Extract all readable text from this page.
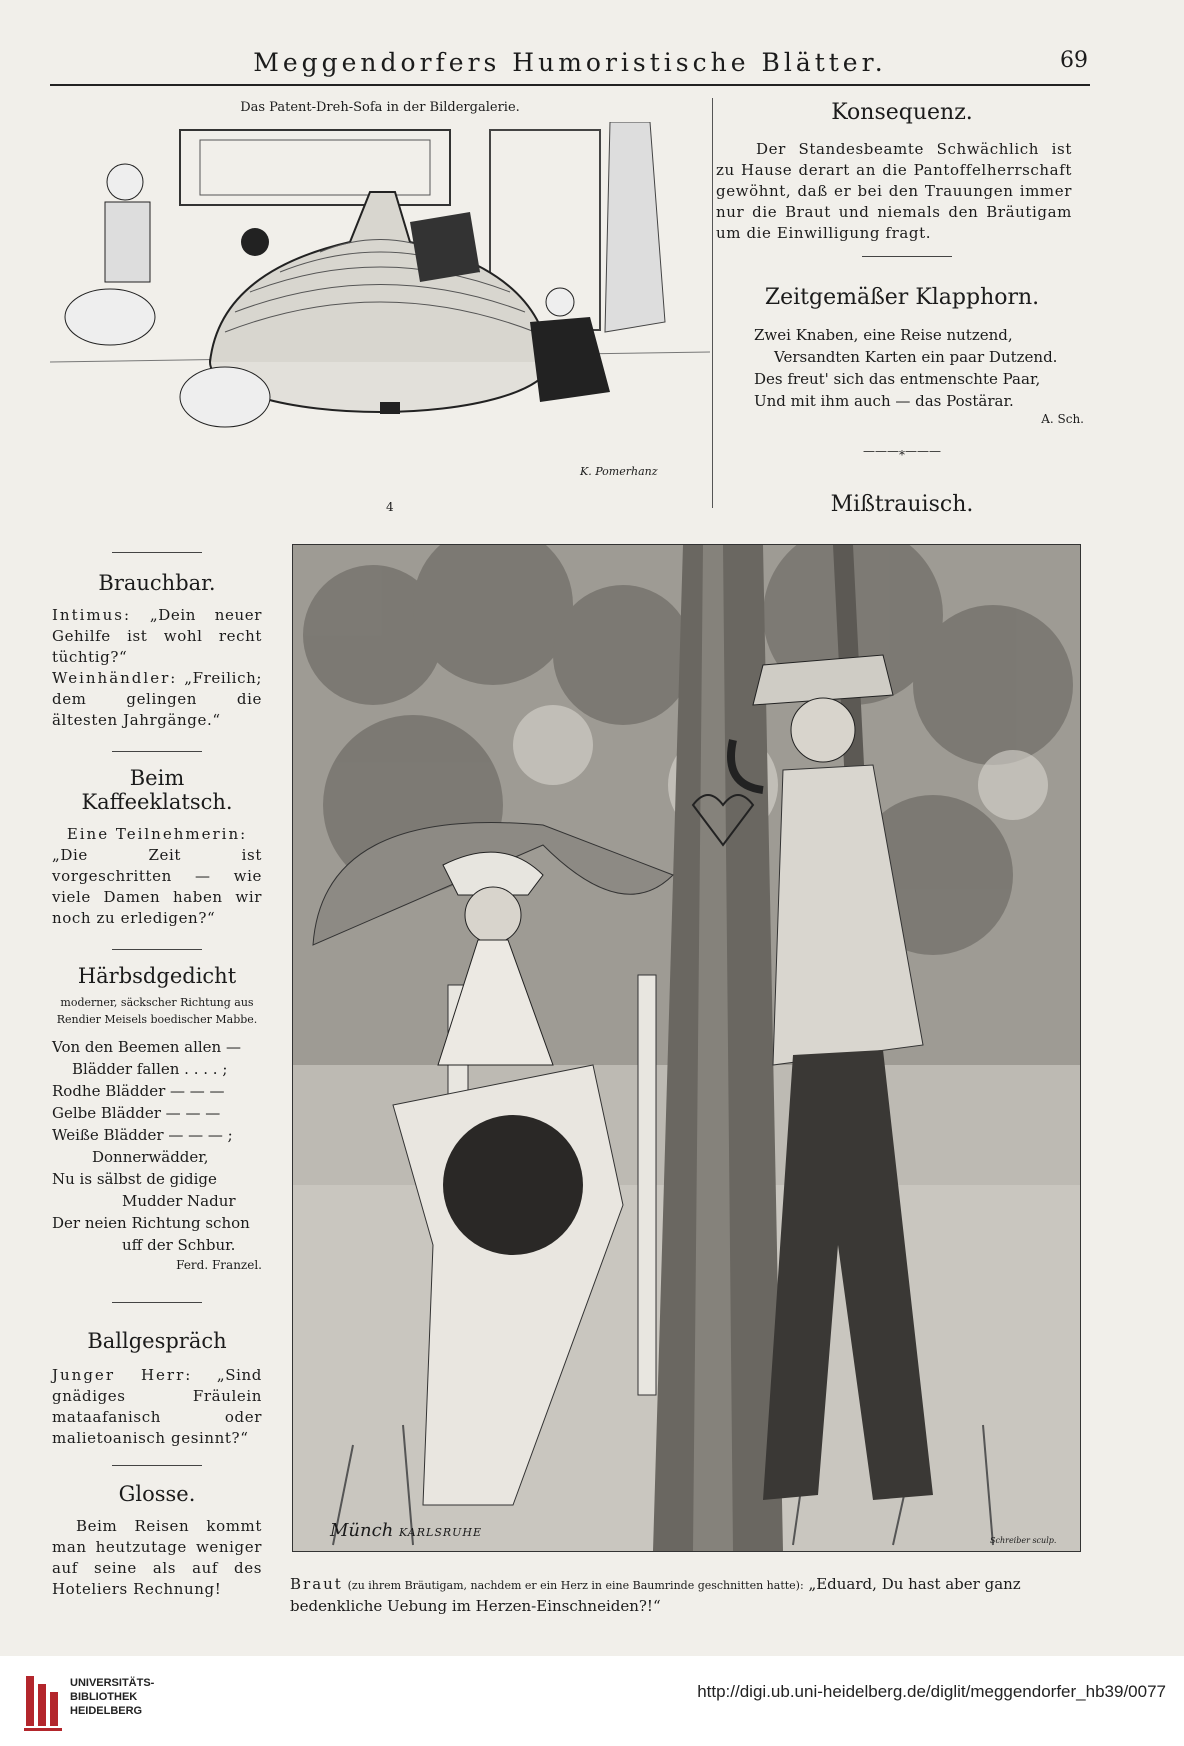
Meggendorfers Humoristische Blätter.	69
Das Patent-Dreh-Sofa in der Bildergalerie.
K. Pomerhanz
4
Konsequenz.
Der Standesbeamte Schwächlich ist zu Hause derart an die Pantoffelherrschaft gewöhnt, daß er bei den Trauungen immer nur die Braut und niemals den Bräutigam um die Einwilligung fragt.
Zeitgemäßer Klapphorn.
Zwei Knaben, eine Reise nutzend,
Versandten Karten ein paar Dutzend.
Des freut' sich das entmenschte Paar,
Und mit ihm auch — das Postärar.
A. Sch.
———⁎———
Mißtrauisch.
Brauchbar.
Intimus: „Dein neuer Gehilfe ist wohl recht tüchtig?“
Weinhändler: „Freilich; dem gelingen die ältesten Jahrgänge.“
Beim Kaffeeklatsch.
Eine Teilnehmerin:
„Die Zeit ist vorgeschritten — wie viele Damen haben wir noch zu erledigen?“
Härbsdgedicht
moderner, säckscher Richtung aus Rendier Meisels boedischer Mabbe.
Von den Beemen allen —
Blädder fallen . . . . ;
Rodhe Blädder — — —
Gelbe Blädder — — —
Weiße Blädder — — — ;
Donnerwädder,
Nu is sälbst de gidige
Mudder Nadur
Der neien Richtung schon
uff der Schbur.
Ferd. Franzel.
Ballgespräch
Junger Herr: „Sind gnädiges Fräulein mataafanisch oder malietoanisch gesinnt?“
Glosse.
Beim Reisen kommt man heutzutage weniger auf seine als auf des Hoteliers Rechnung!
Münch KARLSRUHE
Schreiber sculp.
Braut (zu ihrem Bräutigam, nachdem er ein Herz in eine Baumrinde geschnitten hatte): „Eduard, Du hast aber ganz bedenkliche Uebung im Herzen-Einschneiden?!“
UNIVERSITÄTS-
BIBLIOTHEK
HEIDELBERG
http://digi.ub.uni-heidelberg.de/diglit/meggendorfer_hb39/0077
